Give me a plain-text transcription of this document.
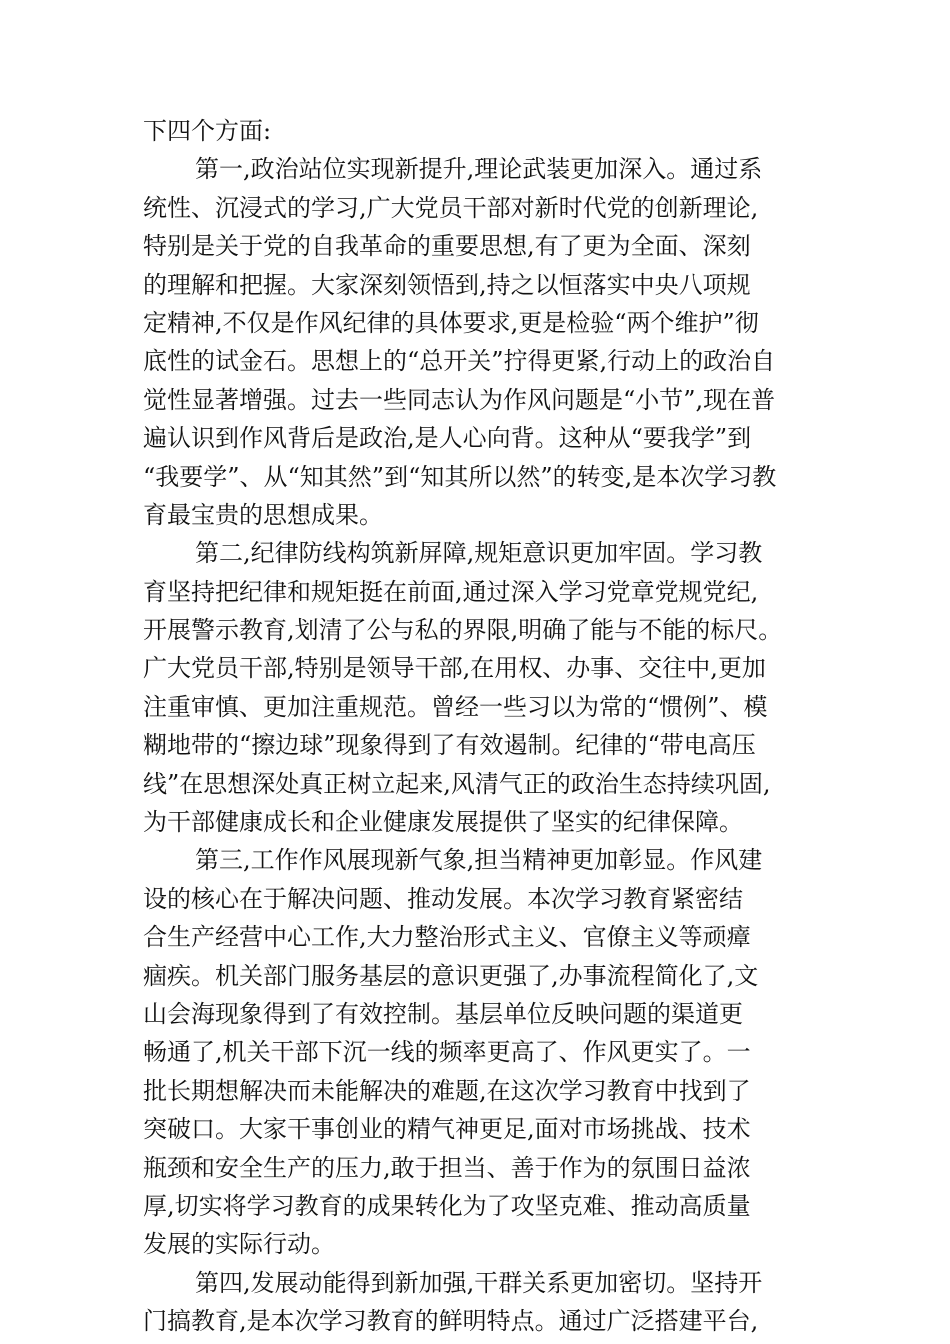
下四个方面:
第一,政治站位实现新提升,理论武装更加深入。通过系
统性、沉浸式的学习,广大党员干部对新时代党的创新理论,
特别是关于党的自我革命的重要思想,有了更为全面、深刻
的理解和把握。大家深刻领悟到,持之以恒落实中央八项规
定精神,不仅是作风纪律的具体要求,更是检验“两个维护”彻
底性的试金石。思想上的“总开关”拧得更紧,行动上的政治自
觉性显著增强。过去一些同志认为作风问题是“小节”,现在普
遍认识到作风背后是政治,是人心向背。这种从“要我学”到
“我要学”、从“知其然”到“知其所以然”的转变,是本次学习教
育最宝贵的思想成果。
第二,纪律防线构筑新屏障,规矩意识更加牢固。学习教
育坚持把纪律和规矩挺在前面,通过深入学习党章党规党纪,
开展警示教育,划清了公与私的界限,明确了能与不能的标尺。
广大党员干部,特别是领导干部,在用权、办事、交往中,更加
注重审慎、更加注重规范。曾经一些习以为常的“惯例”、模
糊地带的“擦边球”现象得到了有效遏制。纪律的“带电高压
线”在思想深处真正树立起来,风清气正的政治生态持续巩固,
为干部健康成长和企业健康发展提供了坚实的纪律保障。
第三,工作作风展现新气象,担当精神更加彰显。作风建
设的核心在于解决问题、推动发展。本次学习教育紧密结
合生产经营中心工作,大力整治形式主义、官僚主义等顽瘴
痼疾。机关部门服务基层的意识更强了,办事流程简化了,文
山会海现象得到了有效控制。基层单位反映问题的渠道更
畅通了,机关干部下沉一线的频率更高了、作风更实了。一
批长期想解决而未能解决的难题,在这次学习教育中找到了
突破口。大家干事创业的精气神更足,面对市场挑战、技术
瓶颈和安全生产的压力,敢于担当、善于作为的氛围日益浓
厚,切实将学习教育的成果转化为了攻坚克难、推动高质量
发展的实际行动。
第四,发展动能得到新加强,干群关系更加密切。坚持开
门搞教育,是本次学习教育的鲜明特点。通过广泛搭建平台,
